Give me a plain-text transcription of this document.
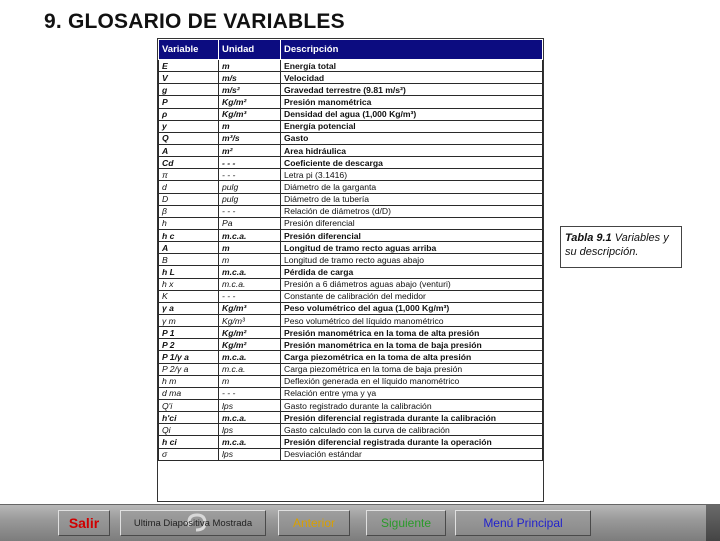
9. GLOSARIO DE VARIABLES
Variable	Unidad	Descripción
E	m	Energía total
V	m/s	Velocidad
g	m/s²	Gravedad terrestre (9.81 m/s²)
P	Kg/m²	Presión manométrica
ρ	Kg/m³	Densidad del agua (1,000 Kg/m³)
y	m	Energía potencial
Q	m³/s	Gasto
A	m²	Area hidráulica
Cd	- - -	Coeficiente de descarga
π	- - -	Letra pi (3.1416)
d	pulg	Diámetro de la garganta
D	pulg	Diámetro de la tubería
β	- - -	Relación de diámetros (d/D)
h	Pa	Presión diferencial
h c	m.c.a.	Presión diferencial
A	m	Longitud de tramo recto aguas arriba
B	m	Longitud de tramo recto aguas abajo
h L	m.c.a.	Pérdida de carga
h x	m.c.a.	Presión a 6 diámetros aguas abajo (venturi)
K	- - -	Constante de calibración del medidor
γ a	Kg/m³	Peso volumétrico del agua (1,000 Kg/m³)
γ m	Kg/m³	Peso volumétrico del líquido manométrico
P 1	Kg/m²	Presión manométrica en la toma de alta presión
P 2	Kg/m²	Presión manométrica en la toma de baja presión
P 1/γ a	m.c.a.	Carga piezométrica en la toma de alta presión
P 2/γ a	m.c.a.	Carga piezométrica en la toma de baja presión
h m	m	Deflexión generada en el líquido manométrico
d ma	- - -	Relación entre γma y γa
Q'i	lps	Gasto registrado durante la calibración
h'ci	m.c.a.	Presión diferencial registrada durante la calibración
Qi	lps	Gasto calculado con la curva de calibración
h ci	m.c.a.	Presión diferencial registrada durante la operación
σ	lps	Desviación estándar
Tabla 9.1 Variables y su descripción.
Salir	Ultima Diapositiva Mostrada	Anterior	Siguiente	Menú Principal
